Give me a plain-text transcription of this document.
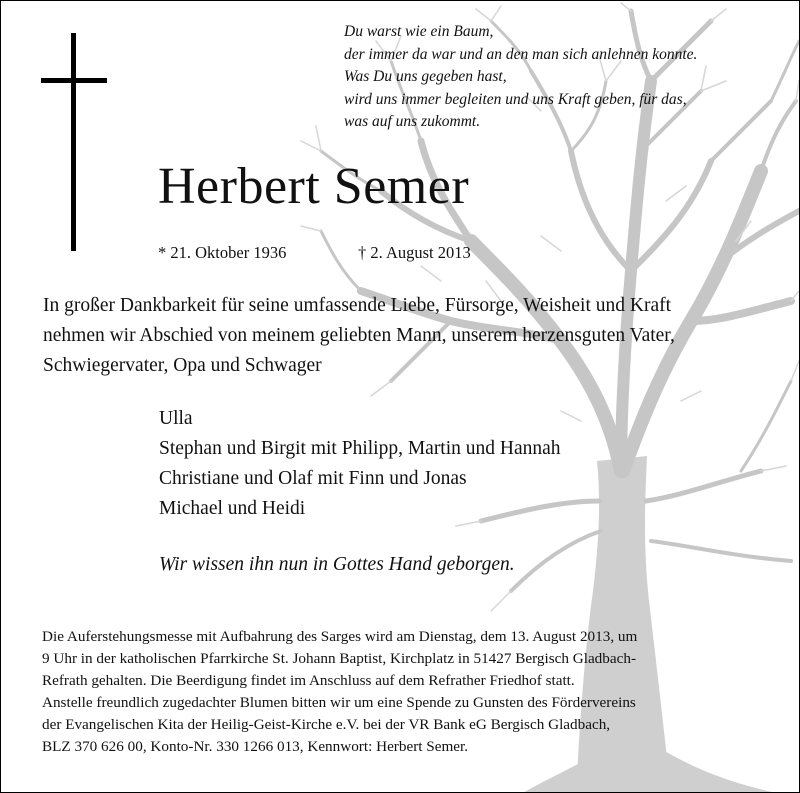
Du warst wie ein Baum,
der immer da war und an den man sich anlehnen konnte.
Was Du uns gegeben hast,
wird uns immer begleiten und uns Kraft geben, für das,
was auf uns zukommt.
Herbert Semer
* 21. Oktober 1936	† 2. August 2013
In großer Dankbarkeit für seine umfassende Liebe, Fürsorge, Weisheit und Kraft
nehmen wir Abschied von meinem geliebten Mann, unserem herzensguten Vater,
Schwiegervater, Opa und Schwager
Ulla
Stephan und Birgit mit Philipp, Martin und Hannah
Christiane und Olaf mit Finn und Jonas
Michael und Heidi
Wir wissen ihn nun in Gottes Hand geborgen.
Die Auferstehungsmesse mit Aufbahrung des Sarges wird am Dienstag, dem 13. August 2013, um
9 Uhr in der katholischen Pfarrkirche St. Johann Baptist, Kirchplatz in 51427 Bergisch Gladbach-
Refrath gehalten. Die Beerdigung findet im Anschluss auf dem Refrather Friedhof statt.
Anstelle freundlich zugedachter Blumen bitten wir um eine Spende zu Gunsten des Fördervereins
der Evangelischen Kita der Heilig-Geist-Kirche e.V. bei der VR Bank eG Bergisch Gladbach,
BLZ 370 626 00, Konto-Nr. 330 1266 013, Kennwort: Herbert Semer.
